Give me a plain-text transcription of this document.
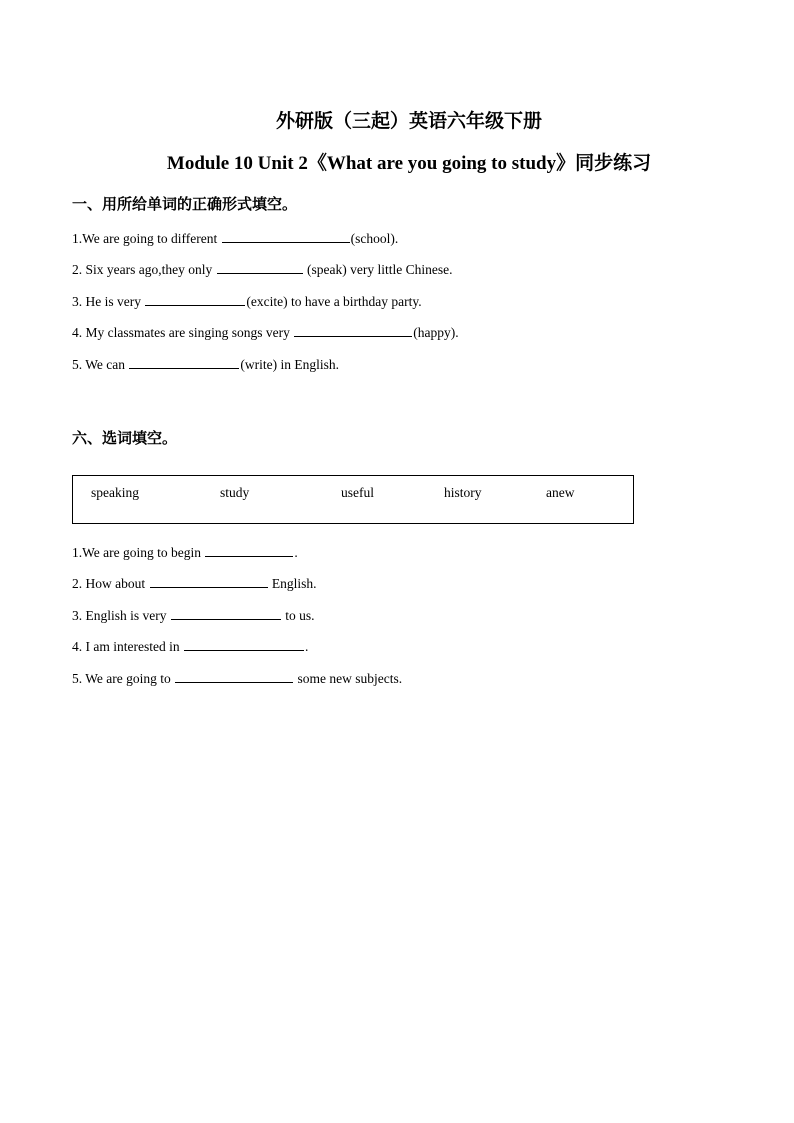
外研版（三起）英语六年级下册
Module 10 Unit 2《What are you going to study》同步练习
一、用所给单词的正确形式填空。
1.We are going to different	(school).
2. Six years ago,they only	(speak) very little Chinese.
3. He is very	(excite) to have a birthday party.
4. My classmates are singing songs very	(happy).
5. We can	(write) in English.
六、选词填空。
speaking	study	useful	history	anew
1.We are going to begin	.
2. How about	English.
3. English is very	to us.
4. I am interested in	.
5. We are going to	some new subjects.
